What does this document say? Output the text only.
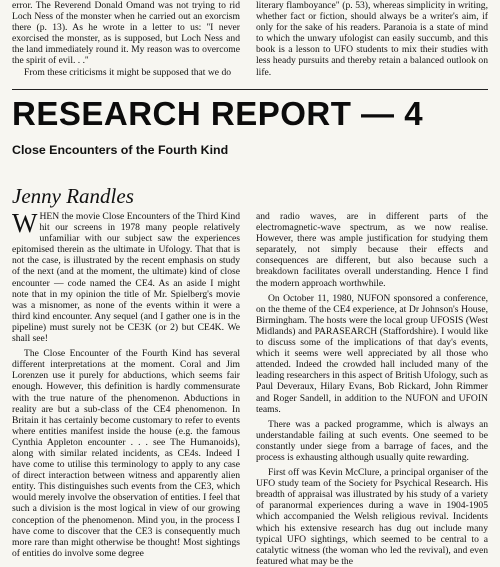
error. The Reverend Donald Omand was not trying to rid Loch Ness of the monster when he carried out an exorcism there (p. 13). As he wrote in a letter to us: ''I never exorcised the monster, as is supposed, but Loch Ness and the land immediately round it. My reason was to overcome the spirit of evil. . .''

From these criticisms it might be supposed that we do

literary flamboyance" (p. 53), whereas simplicity in writing, whether fact or fiction, should always be a writer's aim, if only for the sake of his readers. Paranoia is a state of mind to which the unwary ufologist can easily succumb, and this book is a lesson to UFO students to mix their studies with less heady pursuits and thereby retain a balanced outlook on life.

RESEARCH REPORT — 4
Close Encounters of the Fourth Kind
Jenny Randles

WHEN the movie Close Encounters of the Third Kind hit our screens in 1978 many people relatively unfamiliar with our subject saw the experiences epitomised therein as the ultimate in Ufology. That that is not the case, is illustrated by the recent emphasis on study of the next (and at the moment, the ultimate) kind of close encounter — code named the CE4. As an aside I might note that in my opinion the title of Mr. Spielberg's movie was a misnomer, as none of the events within it were a third kind encounter. Any sequel (and I gather one is in the pipeline) must surely not be CE3K (or 2) but CE4K. We shall see!

The Close Encounter of the Fourth Kind has several different interpretations at the moment. Coral and Jim Lorenzen use it purely for abductions, which seems fair enough. However, this definition is hardly commensurate with the true nature of the phenomenon. Abductions in reality are but a sub-class of the CE4 phenomenon. In Britain it has certainly become customary to refer to events where entities manifest inside the house (e.g. the famous Cynthia Appleton encounter . . . see The Humanoids), along with similar related incidents, as CE4s. Indeed I have come to utilise this terminology to apply to any case of direct interaction between witness and apparently alien entity. This distinguishes such events from the CE3, which would merely involve the observation of entities. I feel that such a division is the most logical in view of our growing conception of the phenomenon. Mind you, in the process I have come to discover that the CE3 is consequently much more rare than might otherwise be thought! Most sightings of entities do involve some degree

and radio waves, are in different parts of the electromagnetic-wave spectrum, as we now realise. However, there was ample justification for studying them separately, not simply because their effects and consequences are different, but also because such a breakdown facilitates overall understanding. Hence I find the modern approach worthwhile.

On October 11, 1980, NUFON sponsored a conference, on the theme of the CE4 experience, at Dr Johnson's House, Birmingham. The hosts were the local group UFOSIS (West Midlands) and PARASEARCH (Staffordshire). I would like to discuss some of the implications of that day's events, which it seems were well appreciated by all those who attended. Indeed the crowded hall included many of the leading researchers in this aspect of British Ufology, such as Paul Deveraux, Hilary Evans, Bob Rickard, John Rimmer and Roger Sandell, in addition to the NUFON and UFOIN teams.

There was a packed programme, which is always an understandable failing at such events. One seemed to be constantly under siege from a barrage of faces, and the process is exhausting although usually quite rewarding.

First off was Kevin McClure, a principal organiser of the UFO study team of the Society for Psychical Research. His breadth of appraisal was illustrated by his study of a variety of paranormal experiences during a wave in 1904-1905 which accompanied the Welsh religious revival. Incidents which his extensive research has dug out include many typical UFO sightings, which seemed to be central to a catalytic witness (the woman who led the revival), and even featured what may be the
